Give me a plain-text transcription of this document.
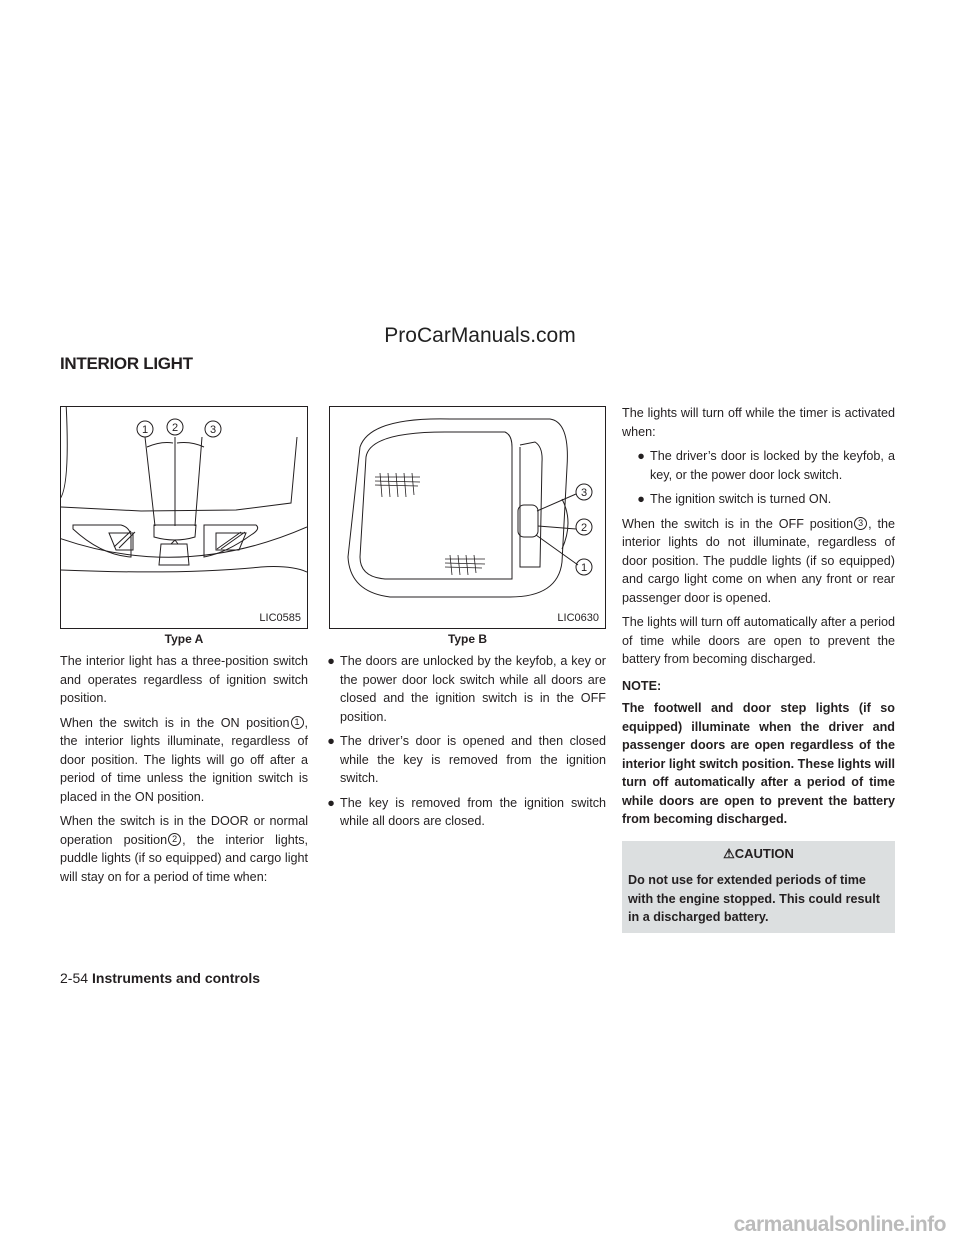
ProCarManuals.com
INTERIOR LIGHT
1 2	3
LIC0585
Type A
3
2
1
LIC0630
Type B

The interior light has a three-position switch and operates regardless of ignition switch position.

When the switch is in the ON position 1 , the interior lights illuminate, regardless of door position. The lights will go off after a period of time unless the ignition switch is placed in the ON position.

When the switch is in the DOOR or normal operation position 2 , the interior lights, puddle lights (if so equipped) and cargo light will stay on for a period of time when:

● The doors are unlocked by the keyfob, a key or the power door lock switch while all doors are closed and the ignition switch is in the OFF position.
● The driver’s door is opened and then closed while the key is removed from the ignition switch.
● The key is removed from the ignition switch while all doors are closed.

The lights will turn off while the timer is activated when:

● The driver’s door is locked by the keyfob, a key, or the power door lock switch.
● The ignition switch is turned ON.

When the switch is in the OFF position 3 , the interior lights do not illuminate, regardless of door position. The puddle lights (if so equipped) and cargo light come on when any front or rear passenger door is opened.

The lights will turn off automatically after a period of time while doors are open to prevent the battery from becoming discharged.

NOTE:

The footwell and door step lights (if so equipped) illuminate when the driver and passenger doors are open regardless of the interior light switch position. These lights will turn off automatically after a period of time while doors are open to prevent the battery from becoming discharged.

⚠CAUTION
Do not use for extended periods of time with the engine stopped. This could result in a discharged battery.
2-54 Instruments and controls
carmanualsonline.info
